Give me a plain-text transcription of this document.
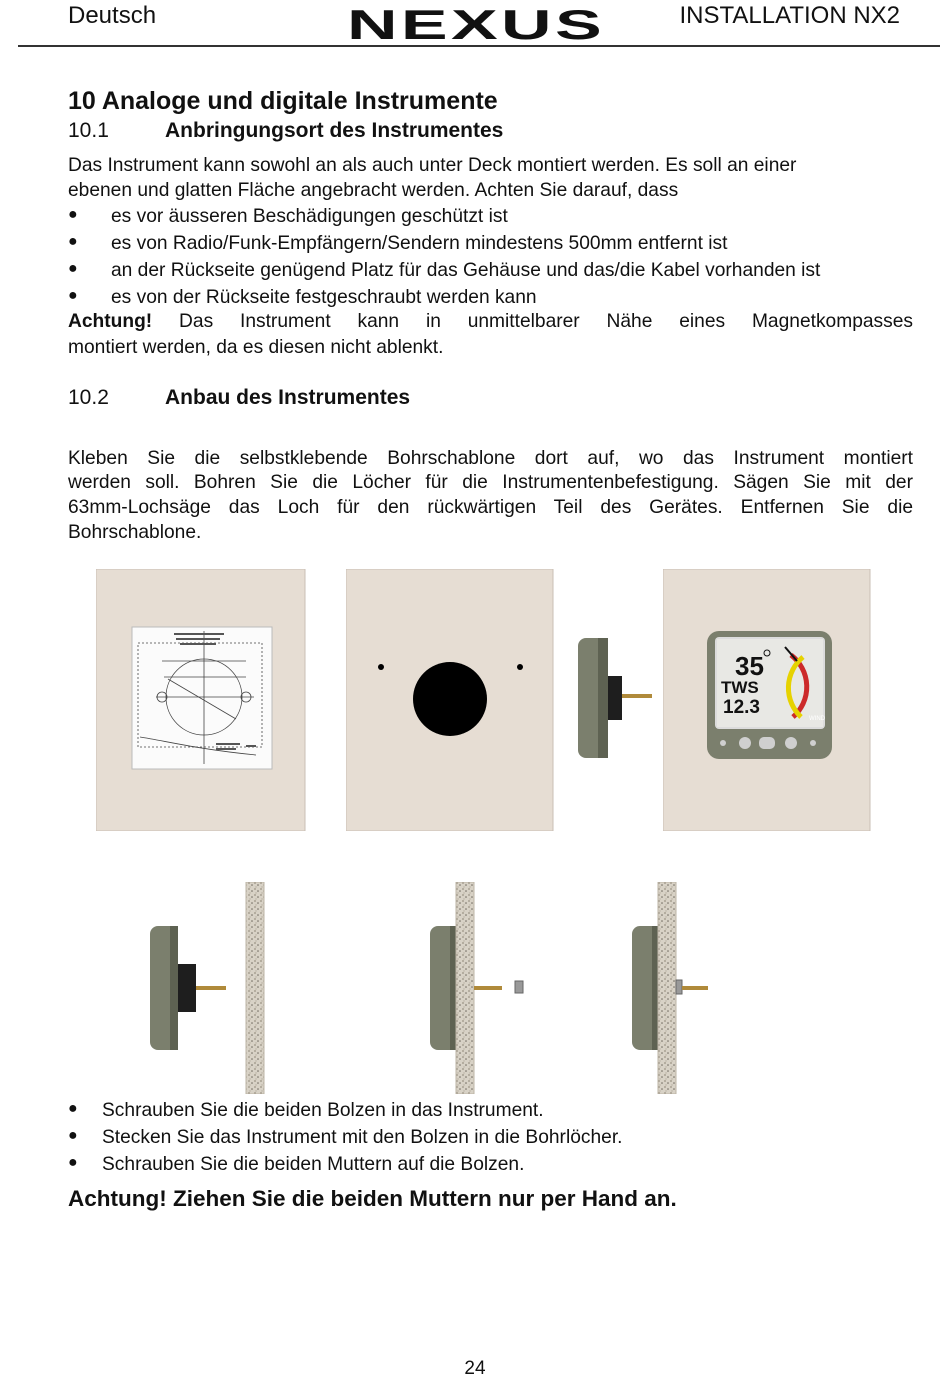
Deutsch	NEXUS	INSTALLATION NX2
10 Analoge und digitale Instrumente
10.1	Anbringungsort des Instrumentes
Das Instrument kann sowohl an als auch unter Deck montiert werden. Es soll an einer
ebenen und glatten Fläche angebracht werden. Achten Sie darauf, dass
● es vor äusseren Beschädigungen geschützt ist
● es von Radio/Funk-Empfängern/Sendern mindestens 500mm entfernt ist
● an der Rückseite genügend Platz für das Gehäuse und das/die Kabel vorhanden ist
● es von der Rückseite festgeschraubt werden kann
Achtung! Das Instrument kann in unmittelbarer Nähe eines Magnetkompasses
montiert werden, da es diesen nicht ablenkt.
10.2	Anbau des Instrumentes
Kleben Sie die selbstklebende Bohrschablone dort auf, wo das Instrument montiert
werden soll. Bohren Sie die Löcher für die Instrumentenbefestigung. Sägen Sie mit der
63mm-Lochsäge das Loch für den rückwärtigen Teil des Gerätes. Entfernen Sie die
Bohrschablone.
35
TWS
12.3
WIND
● Schrauben Sie die beiden Bolzen in das Instrument.
● Stecken Sie das Instrument mit den Bolzen in die Bohrlöcher.
● Schrauben Sie die beiden Muttern auf die Bolzen.
Achtung! Ziehen Sie die beiden Muttern nur per Hand an.
24
